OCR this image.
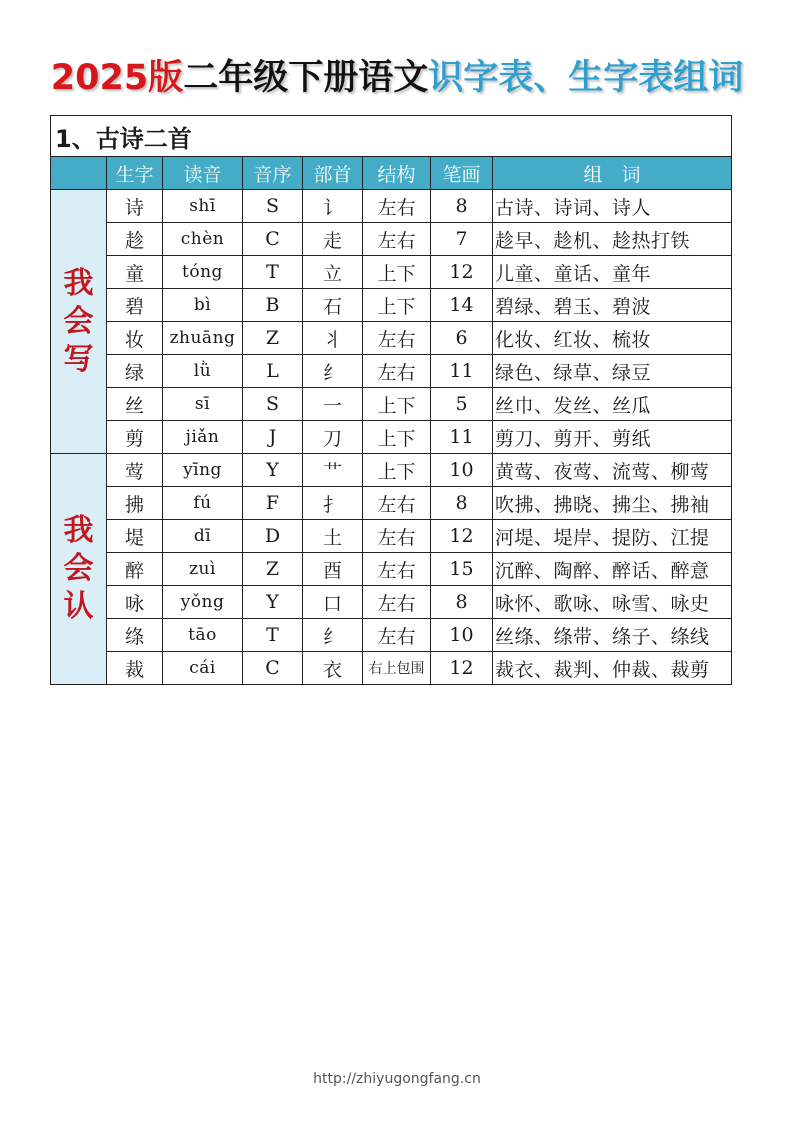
2025版二年级下册语文识字表、生字表组词
1、古诗二首							
	生字	读音	音序	部首	结构	笔画	组　词
我会写	诗	shī	S	讠	左右	8	古诗、诗词、诗人
	趁	chèn	C	走	左右	7	趁早、趁机、趁热打铁
	童	tóng	T	立	上下	12	儿童、童话、童年
	碧	bì	B	石	上下	14	碧绿、碧玉、碧波
	妆	zhuāng	Z	丬	左右	6	化妆、红妆、梳妆
	绿	lǜ	L	纟	左右	11	绿色、绿草、绿豆
	丝	sī	S	一	上下	5	丝巾、发丝、丝瓜
	剪	jiǎn	J	刀	上下	11	剪刀、剪开、剪纸
我会认	莺	yīng	Y	艹	上下	10	黄莺、夜莺、流莺、柳莺
	拂	fú	F	扌	左右	8	吹拂、拂晓、拂尘、拂袖
	堤	dī	D	土	左右	12	河堤、堤岸、提防、江提
	醉	zuì	Z	酉	左右	15	沉醉、陶醉、醉话、醉意
	咏	yǒng	Y	口	左右	8	咏怀、歌咏、咏雪、咏史
	绦	tāo	T	纟	左右	10	丝绦、绦带、绦子、绦线
	裁	cái	C	衣	右上包围	12	裁衣、裁判、仲裁、裁剪
http://zhiyugongfang.cn
